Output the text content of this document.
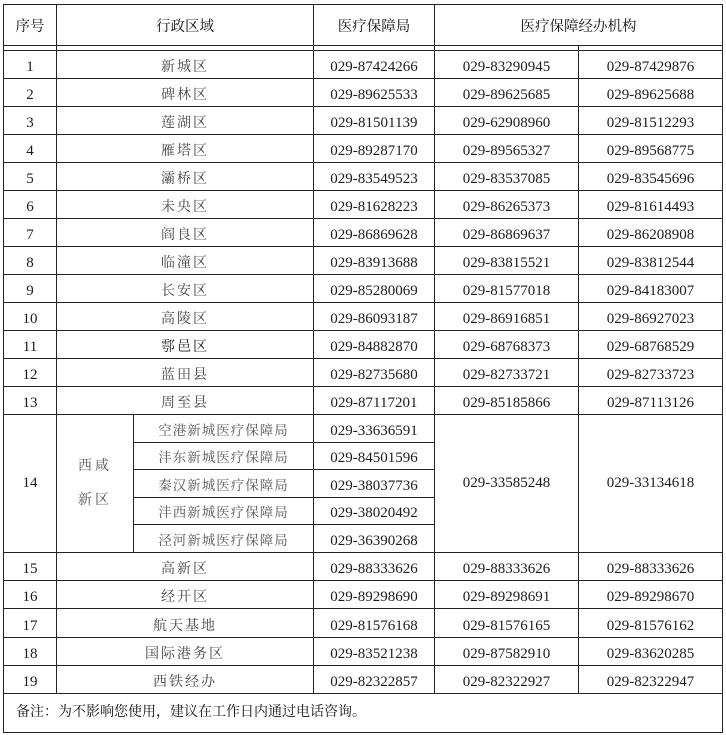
序号	行政区域		医疗保障局	医疗保障经办机构	

1	新城区		029-87424266	029-83290945	029-87429876
2	碑林区		029-89625533	029-89625685	029-89625688
3	莲湖区		029-81501139	029-62908960	029-81512293
4	雁塔区		029-89287170	029-89565327	029-89568775
5	灞桥区		029-83549523	029-83537085	029-83545696
6	未央区		029-81628223	029-86265373	029-81614493
7	阎良区		029-86869628	029-86869637	029-86208908
8	临潼区		029-83913688	029-83815521	029-83812544
9	长安区		029-85280069	029-81577018	029-84183007
10	高陵区		029-86093187	029-86916851	029-86927023
11	鄠邑区		029-84882870	029-68768373	029-68768529
12	蓝田县		029-82735680	029-82733721	029-82733723
13	周至县		029-87117201	029-85185866	029-87113126
14	西咸
新区	空港新城医疗保障局	029-33636591	029-33585248	029-33134618
		沣东新城医疗保障局	029-84501596		
		秦汉新城医疗保障局	029-38037736		
		沣西新城医疗保障局	029-38020492		
		泾河新城医疗保障局	029-36390268		
15	高新区		029-88333626	029-88333626	029-88333626
16	经开区		029-89298690	029-89298691	029-89298670
17	航天基地		029-81576168	029-81576165	029-81576162
18	国际港务区		029-83521238	029-87582910	029-83620285
19	西铁经办		029-82322857	029-82322927	029-82322947
备注：为不影响您使用，建议在工作日内通过电话咨询。					
